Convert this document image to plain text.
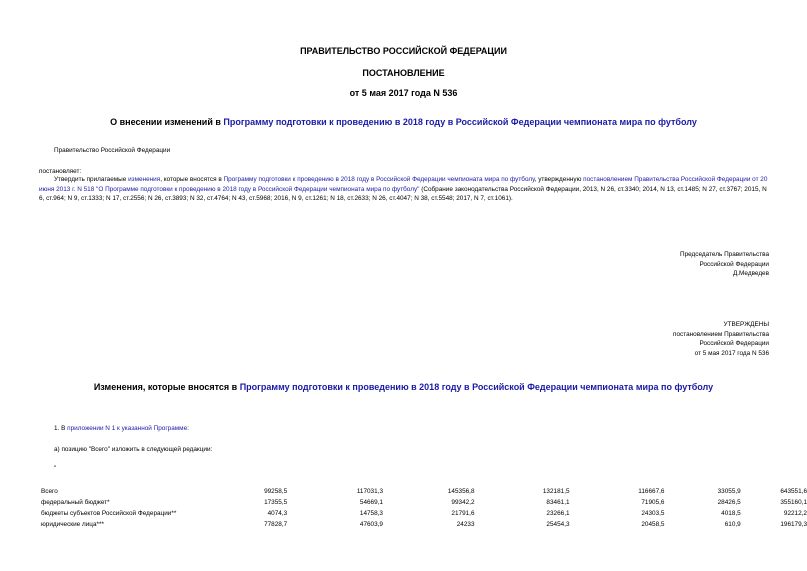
ПРАВИТЕЛЬСТВО РОССИЙСКОЙ ФЕДЕРАЦИИ
ПОСТАНОВЛЕНИЕ
от 5 мая 2017 года N 536
О внесении изменений в Программу подготовки к проведению в 2018 году в Российской Федерации чемпионата мира по футболу
Правительство Российской Федерации
постановляет:
Утвердить прилагаемые изменения, которые вносятся в Программу подготовки к проведению в 2018 году в Российской Федерации чемпионата мира по футболу, утвержденную постановлением Правительства Российской Федерации от 20 июня 2013 г. N 518 "О Программе подготовки к проведению в 2018 году в Российской Федерации чемпионата мира по футболу" (Собрание законодательства Российской Федерации, 2013, N 26, ст.3340; 2014, N 13, ст.1485; N 27, ст.3767; 2015, N 6, ст.964; N 9, ст.1333; N 17, ст.2556; N 26, ст.3893; N 32, ст.4764; N 43, ст.5968; 2016, N 9, ст.1261; N 18, ст.2633; N 26, ст.4047; N 38, ст.5548; 2017, N 7, ст.1061).
Председатель Правительства
Российской Федерации
Д.Медведев
УТВЕРЖДЕНЫ
постановлением Правительства
Российской Федерации
от 5 мая 2017 года N 536
Изменения, которые вносятся в Программу подготовки к проведению в 2018 году в Российской Федерации чемпионата мира по футболу
1. В приложении N 1 к указанной Программе:
а) позицию "Всего" изложить в следующей редакции:
"
Всего	99258,5	117031,3	145356,8	132181,5	116667,6	33055,9	643551,6
федеральный бюджет*	17355,5	54669,1	99342,2	83461,1	71905,6	28426,5	355160,1
бюджеты субъектов Российской Федерации**	4074,3	14758,3	21791,6	23266,1	24303,5	4018,5	92212,2
юридические лица***	77828,7	47603,9	24233	25454,3	20458,5	610,9	196179,3
